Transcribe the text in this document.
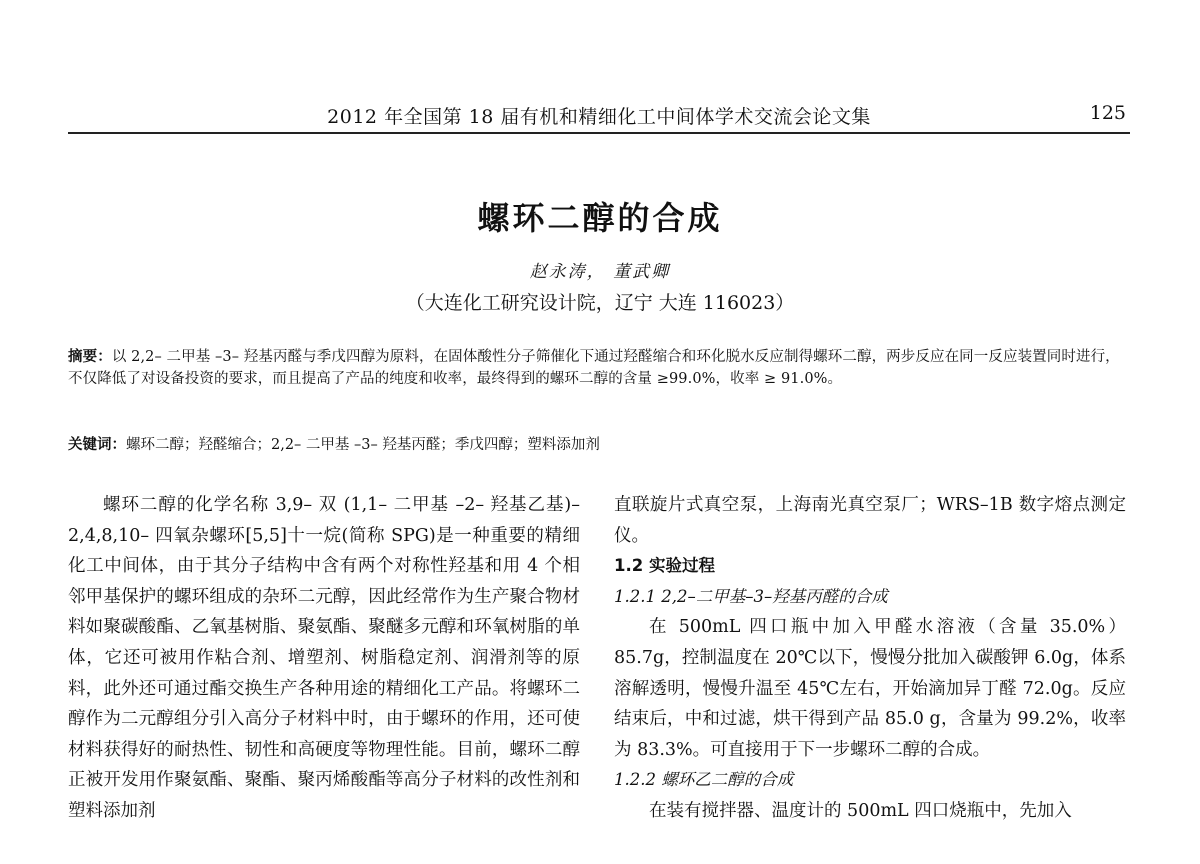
2012 年全国第 18 届有机和精细化工中间体学术交流会论文集	125
螺环二醇的合成
赵永涛， 董武卿
（大连化工研究设计院，辽宁 大连 116023）
摘要：以 2,2– 二甲基 –3– 羟基丙醛与季戊四醇为原料，在固体酸性分子筛催化下通过羟醛缩合和环化脱水反应制得螺环二醇，两步反应在同一反应装置同时进行，不仅降低了对设备投资的要求，而且提高了产品的纯度和收率，最终得到的螺环二醇的含量 ≥99.0%，收率 ≥ 91.0%。
关键词：螺环二醇；羟醛缩合；2,2– 二甲基 –3– 羟基丙醛；季戊四醇；塑料添加剂

螺环二醇的化学名称 3,9– 双 (1,1– 二甲基 –2– 羟基乙基)–2,4,8,10– 四氧杂螺环[5,5]十一烷(简称 SPG)是一种重要的精细化工中间体，由于其分子结构中含有两个对称性羟基和用 4 个相邻甲基保护的螺环组成的杂环二元醇，因此经常作为生产聚合物材料如聚碳酸酯、乙氧基树脂、聚氨酯、聚醚多元醇和环氧树脂的单体，它还可被用作粘合剂、增塑剂、树脂稳定剂、润滑剂等的原料，此外还可通过酯交换生产各种用途的精细化工产品。将螺环二醇作为二元醇组分引入高分子材料中时，由于螺环的作用，还可使材料获得好的耐热性、韧性和高硬度等物理性能。目前，螺环二醇正被开发用作聚氨酯、聚酯、聚丙烯酸酯等高分子材料的改性剂和塑料添加剂

直联旋片式真空泵，上海南光真空泵厂；WRS–1B 数字熔点测定仪。

1.2 实验过程

1.2.1 2,2–二甲基–3–羟基丙醛的合成

在 500mL 四口瓶中加入甲醛水溶液（含量 35.0%）85.7g，控制温度在 20℃以下，慢慢分批加入碳酸钾 6.0g，体系溶解透明，慢慢升温至 45℃左右，开始滴加异丁醛 72.0g。反应结束后，中和过滤，烘干得到产品 85.0 g，含量为 99.2%，收率为 83.3%。可直接用于下一步螺环二醇的合成。

1.2.2 螺环乙二醇的合成

在装有搅拌器、温度计的 500mL 四口烧瓶中，先加入
